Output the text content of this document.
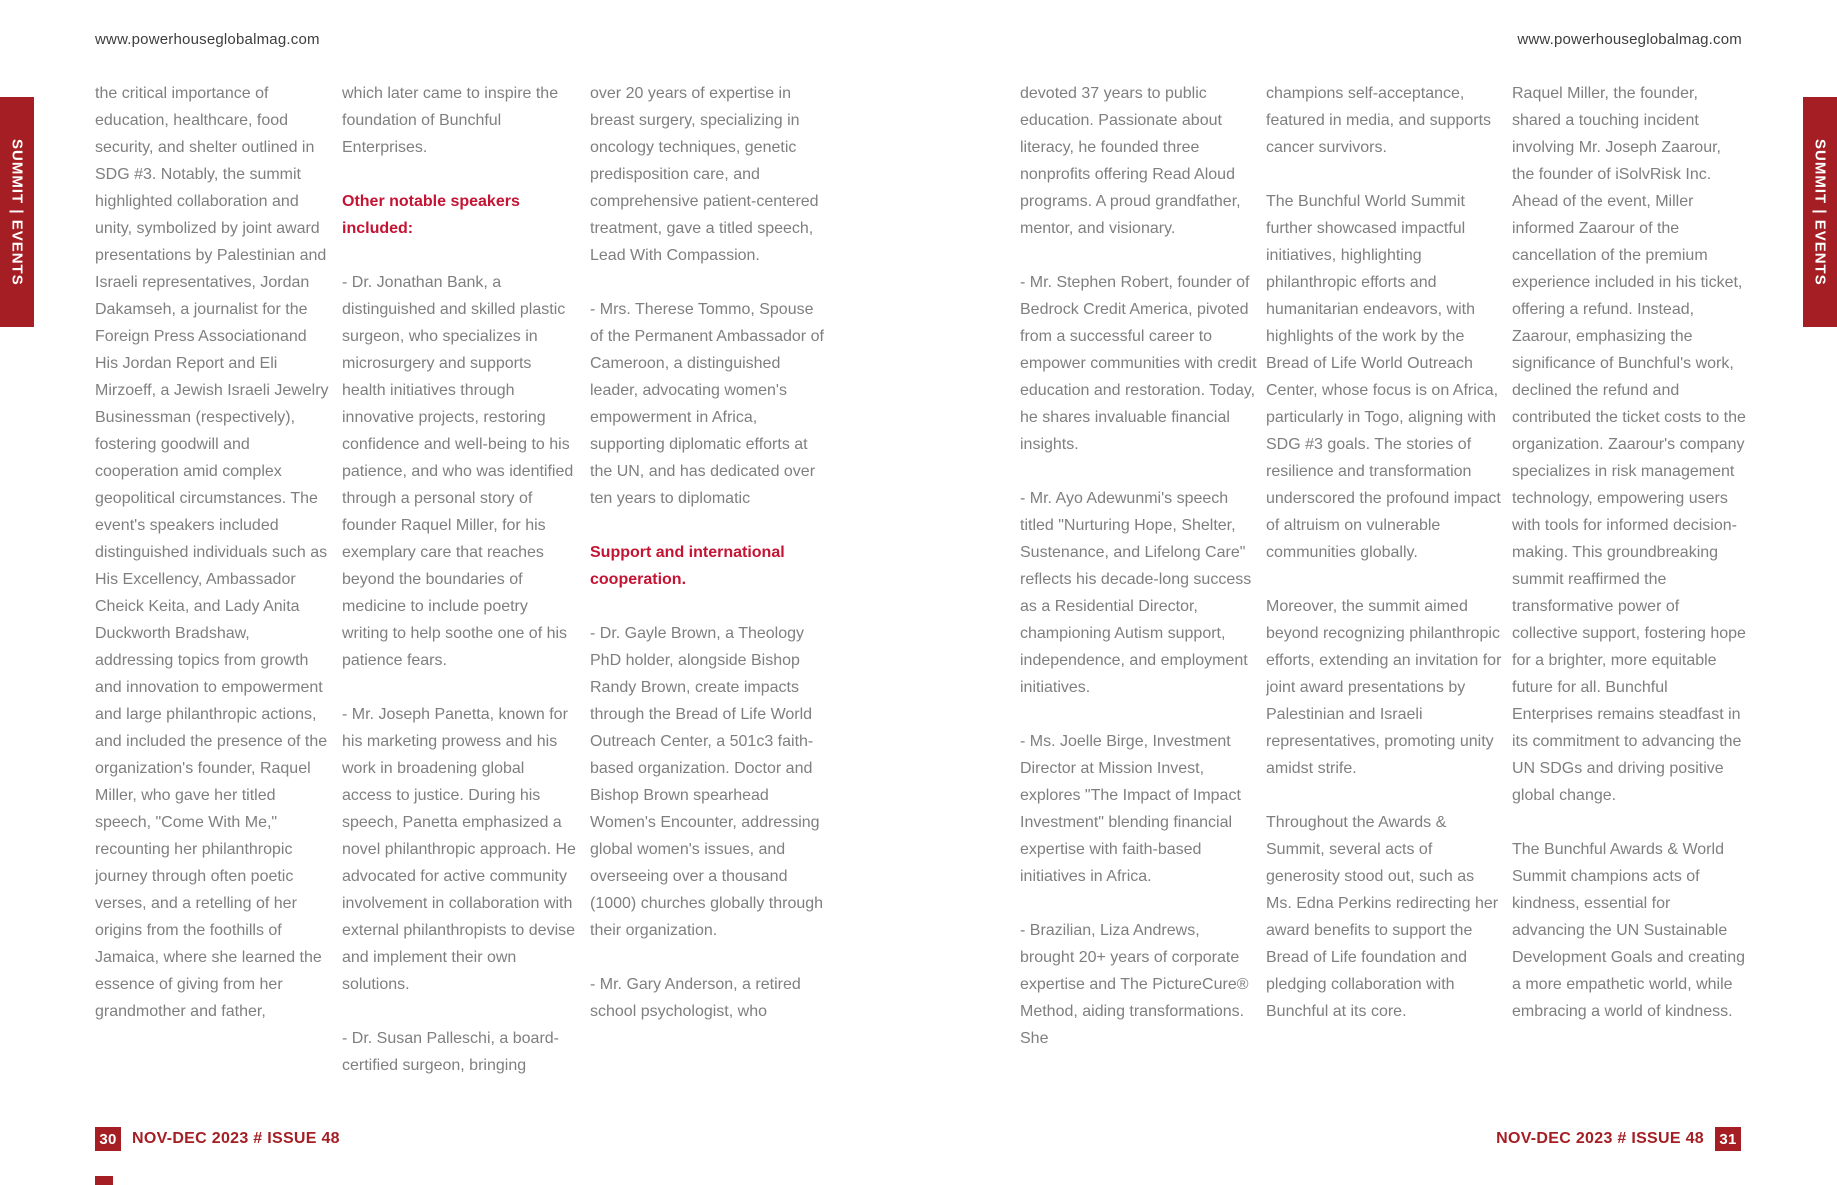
www.powerhouseglobalmag.com	www.powerhouseglobalmag.com
SUMMIT | EVENTS	SUMMIT | EVENTS

the critical importance of education, healthcare, food security, and shelter outlined in SDG #3. Notably, the summit highlighted collaboration and unity, symbolized by joint award presentations by Palestinian and Israeli representatives, Jordan Dakamseh, a journalist for the Foreign Press Associationand His Jordan Report and Eli Mirzoeff, a Jewish Israeli Jewelry Businessman (respectively), fostering goodwill and cooperation amid complex geopolitical circumstances. The event's speakers included distinguished individuals such as His Excellency, Ambassador Cheick Keita, and Lady Anita Duckworth Bradshaw, addressing topics from growth and innovation to empowerment and large philanthropic actions, and included the presence of the organization's founder, Raquel Miller, who gave her titled speech, "Come With Me," recounting her philanthropic journey through often poetic verses, and a retelling of her origins from the foothills of Jamaica, where she learned the essence of giving from her grandmother and father,

which later came to inspire the foundation of Bunchful Enterprises.

Other notable speakers included:

- Dr. Jonathan Bank, a distinguished and skilled plastic surgeon, who specializes in microsurgery and supports health initiatives through innovative projects, restoring confidence and well-being to his patience, and who was identified through a personal story of founder Raquel Miller, for his exemplary care that reaches beyond the boundaries of medicine to include poetry writing to help soothe one of his patience fears.

- Mr. Joseph Panetta, known for his marketing prowess and his work in broadening global access to justice. During his speech, Panetta emphasized a novel philanthropic approach. He advocated for active community involvement in collaboration with external philanthropists to devise and implement their own solutions.

- Dr. Susan Palleschi, a board-certified surgeon, bringing

over 20 years of expertise in breast surgery, specializing in oncology techniques, genetic predisposition care, and comprehensive patient-centered treatment, gave a titled speech, Lead With Compassion.

- Mrs. Therese Tommo, Spouse of the Permanent Ambassador of Cameroon, a distinguished leader, advocating women's empowerment in Africa, supporting diplomatic efforts at the UN, and has dedicated over ten years to diplomatic

Support and international cooperation.

- Dr. Gayle Brown, a Theology PhD holder, alongside Bishop Randy Brown, create impacts through the Bread of Life World Outreach Center, a 501c3 faith-based organization. Doctor and Bishop Brown spearhead Women's Encounter, addressing global women's issues, and overseeing over a thousand (1000) churches globally through their organization.

- Mr. Gary Anderson, a retired school psychologist, who

devoted 37 years to public education. Passionate about literacy, he founded three nonprofits offering Read Aloud programs. A proud grandfather, mentor, and visionary.

- Mr. Stephen Robert, founder of Bedrock Credit America, pivoted from a successful career to empower communities with credit education and restoration. Today, he shares invaluable financial insights.

- Mr. Ayo Adewunmi's speech titled "Nurturing Hope, Shelter, Sustenance, and Lifelong Care" reflects his decade-long success as a Residential Director, championing Autism support, independence, and employment initiatives.

- Ms. Joelle Birge, Investment Director at Mission Invest, explores "The Impact of Impact Investment" blending financial expertise with faith-based initiatives in Africa.

- Brazilian, Liza Andrews, brought 20+ years of corporate expertise and The PictureCure® Method, aiding transformations. She

champions self-acceptance, featured in media, and supports cancer survivors.

The Bunchful World Summit further showcased impactful initiatives, highlighting philanthropic efforts and humanitarian endeavors, with highlights of the work by the Bread of Life World Outreach Center, whose focus is on Africa, particularly in Togo, aligning with SDG #3 goals. The stories of resilience and transformation underscored the profound impact of altruism on vulnerable communities globally.

Moreover, the summit aimed beyond recognizing philanthropic efforts, extending an invitation for joint award presentations by Palestinian and Israeli representatives, promoting unity amidst strife.

Throughout the Awards & Summit, several acts of generosity stood out, such as Ms. Edna Perkins redirecting her award benefits to support the Bread of Life foundation and pledging collaboration with Bunchful at its core.

Raquel Miller, the founder, shared a touching incident involving Mr. Joseph Zaarour, the founder of iSolvRisk Inc. Ahead of the event, Miller informed Zaarour of the cancellation of the premium experience included in his ticket, offering a refund. Instead, Zaarour, emphasizing the significance of Bunchful's work, declined the refund and contributed the ticket costs to the organization. Zaarour's company specializes in risk management technology, empowering users with tools for informed decision-making. This groundbreaking summit reaffirmed the transformative power of collective support, fostering hope for a brighter, more equitable future for all. Bunchful Enterprises remains steadfast in its commitment to advancing the UN SDGs and driving positive global change.

The Bunchful Awards & World Summit champions acts of kindness, essential for advancing the UN Sustainable Development Goals and creating a more empathetic world, while embracing a world of kindness.

30 NOV-DEC 2023 # ISSUE 48	NOV-DEC 2023 # ISSUE 48 31
